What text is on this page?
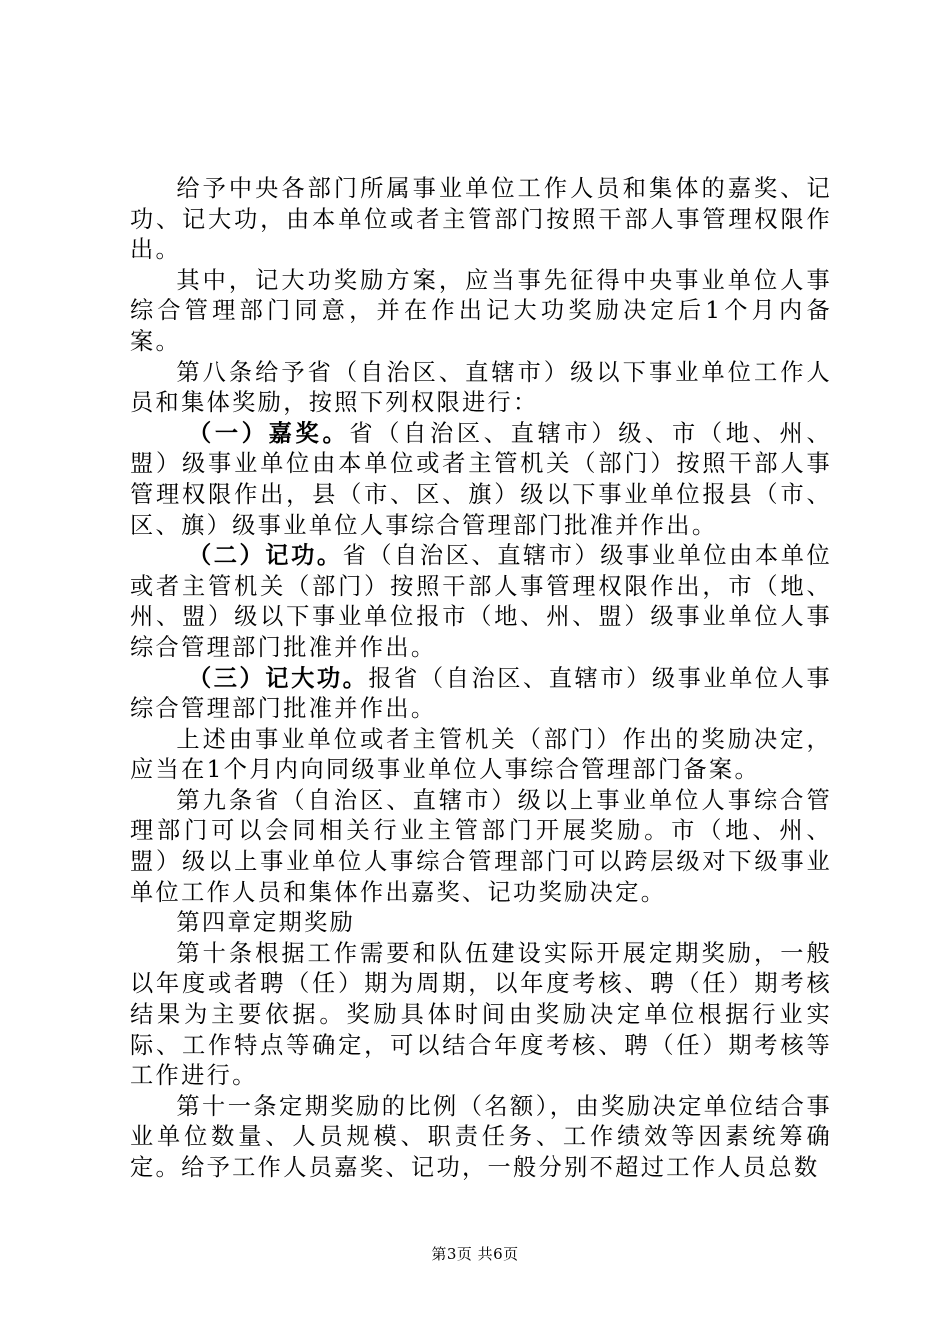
给予中央各部门所属事业单位工作人员和集体的嘉奖、记功、记大功，由本单位或者主管部门按照干部人事管理权限作出。

其中，记大功奖励方案，应当事先征得中央事业单位人事综合管理部门同意，并在作出记大功奖励决定后1个月内备案。

第八条给予省（自治区、直辖市）级以下事业单位工作人员和集体奖励，按照下列权限进行：

（一）嘉奖。省（自治区、直辖市）级、市（地、州、盟）级事业单位由本单位或者主管机关（部门）按照干部人事管理权限作出，县（市、区、旗）级以下事业单位报县（市、区、旗）级事业单位人事综合管理部门批准并作出。

（二）记功。省（自治区、直辖市）级事业单位由本单位或者主管机关（部门）按照干部人事管理权限作出，市（地、州、盟）级以下事业单位报市（地、州、盟）级事业单位人事综合管理部门批准并作出。

（三）记大功。报省（自治区、直辖市）级事业单位人事综合管理部门批准并作出。

上述由事业单位或者主管机关（部门）作出的奖励决定，应当在1个月内向同级事业单位人事综合管理部门备案。

第九条省（自治区、直辖市）级以上事业单位人事综合管理部门可以会同相关行业主管部门开展奖励。市（地、州、盟）级以上事业单位人事综合管理部门可以跨层级对下级事业单位工作人员和集体作出嘉奖、记功奖励决定。

第四章定期奖励

第十条根据工作需要和队伍建设实际开展定期奖励，一般以年度或者聘（任）期为周期，以年度考核、聘（任）期考核结果为主要依据。奖励具体时间由奖励决定单位根据行业实际、工作特点等确定，可以结合年度考核、聘（任）期考核等工作进行。

第十一条定期奖励的比例（名额），由奖励决定单位结合事业单位数量、人员规模、职责任务、工作绩效等因素统筹确定。给予工作人员嘉奖、记功，一般分别不超过工作人员总数

第3页 共6页
